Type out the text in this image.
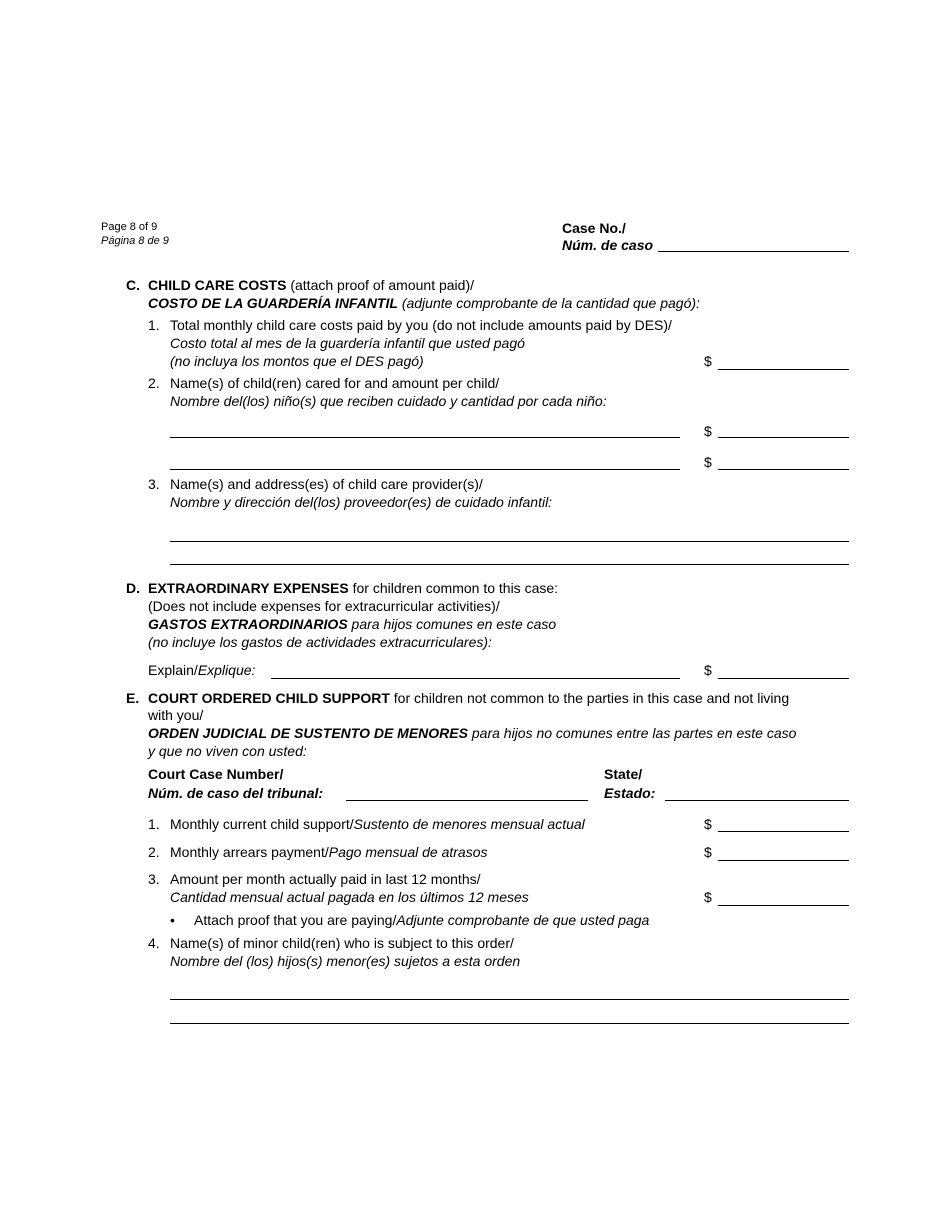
Page 8 of 9
Página 8 de 9
Case No./
Núm. de caso
C. CHILD CARE COSTS (attach proof of amount paid)/
COSTO DE LA GUARDERÍA INFANTIL (adjunte comprobante de la cantidad que pagó):
1. Total monthly child care costs paid by you (do not include amounts paid by DES)/
Costo total al mes de la guardería infantil que usted pagó
(no incluya los montos que el DES pagó)	$
2. Name(s) of child(ren) cared for and amount per child/
Nombre del(los) niño(s) que reciben cuidado y cantidad por cada niño:
$
$
3. Name(s) and address(es) of child care provider(s)/
Nombre y dirección del(los) proveedor(es) de cuidado infantil:
D. EXTRAORDINARY EXPENSES for children common to this case:
(Does not include expenses for extracurricular activities)/
GASTOS EXTRAORDINARIOS para hijos comunes en este caso
(no incluye los gastos de actividades extracurriculares):
Explain/Explique:	$
E. COURT ORDERED CHILD SUPPORT for children not common to the parties in this case and not living
with you/
ORDEN JUDICIAL DE SUSTENTO DE MENORES para hijos no comunes entre las partes en este caso
y que no viven con usted:
Court Case Number/
Núm. de caso del tribunal:
State/
Estado:
1. Monthly current child support/Sustento de menores mensual actual	$
2. Monthly arrears payment/Pago mensual de atrasos	$
3. Amount per month actually paid in last 12 months/
Cantidad mensual actual pagada en los últimos 12 meses	$
• Attach proof that you are paying/Adjunte comprobante de que usted paga
4. Name(s) of minor child(ren) who is subject to this order/
Nombre del (los) hijos(s) menor(es) sujetos a esta orden
